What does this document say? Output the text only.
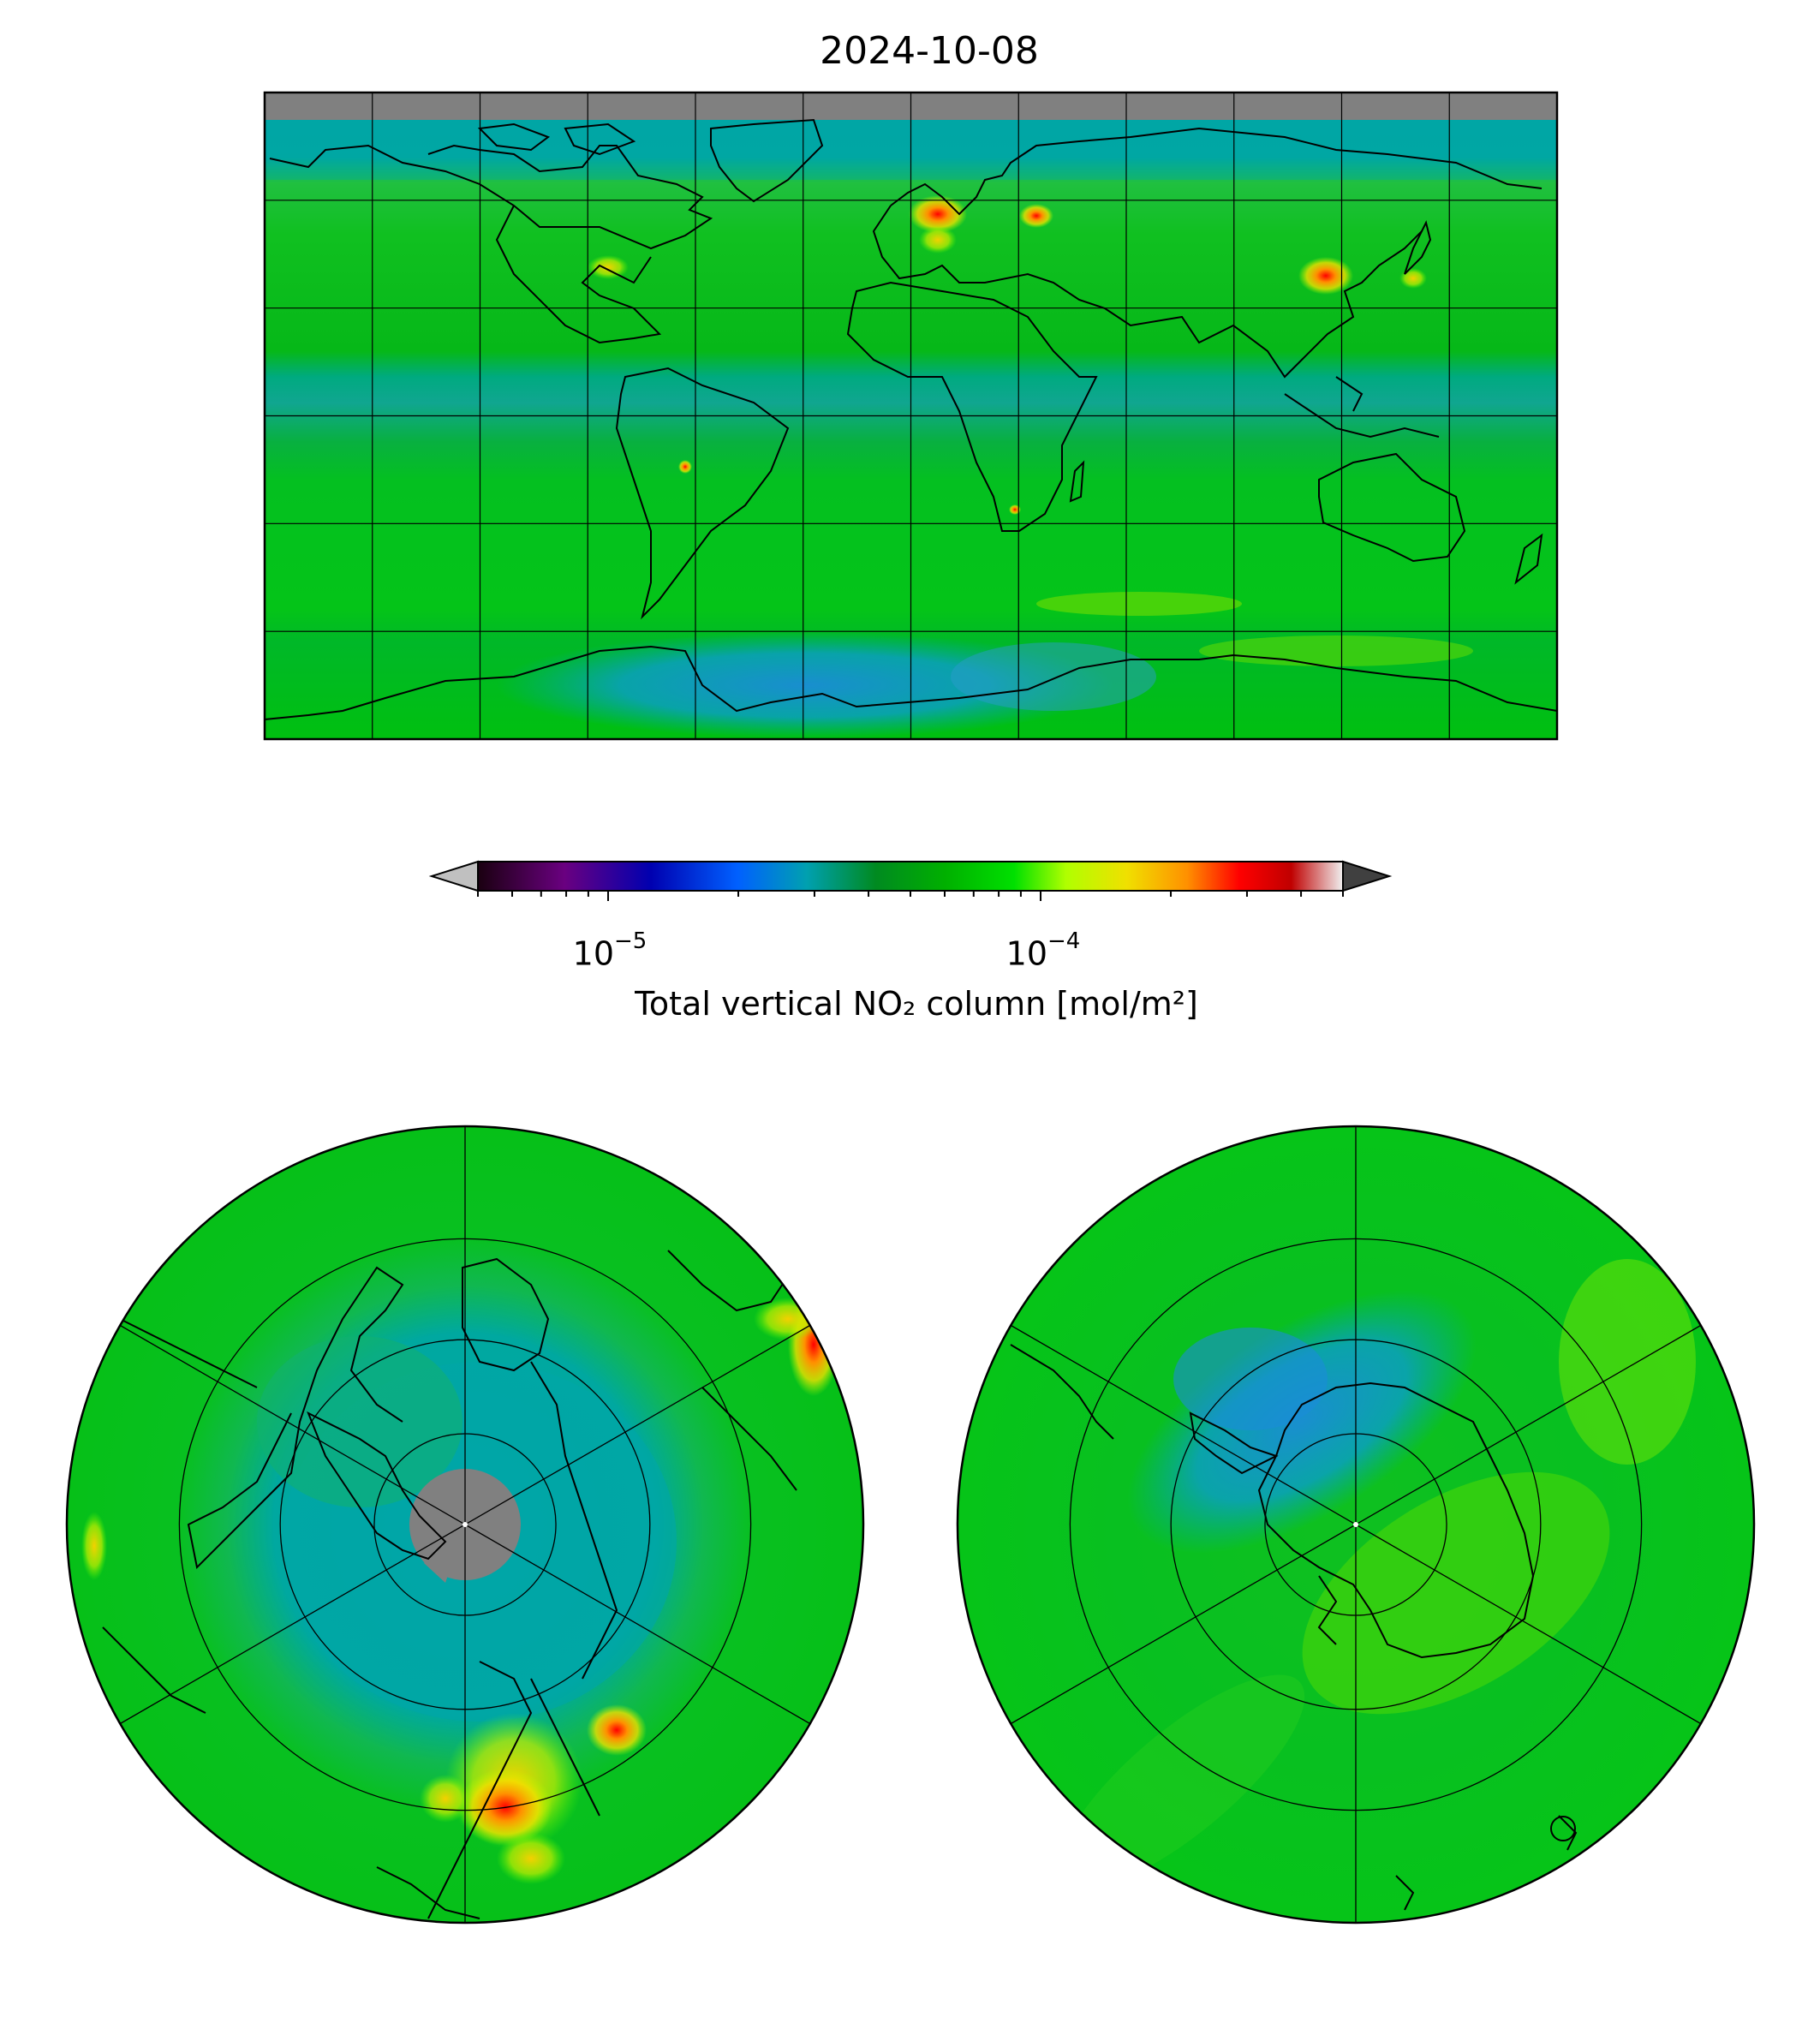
2024-10-08
$10^{-5}$	$10^{-4}$
Total vertical NO₂ column [mol/m²]
